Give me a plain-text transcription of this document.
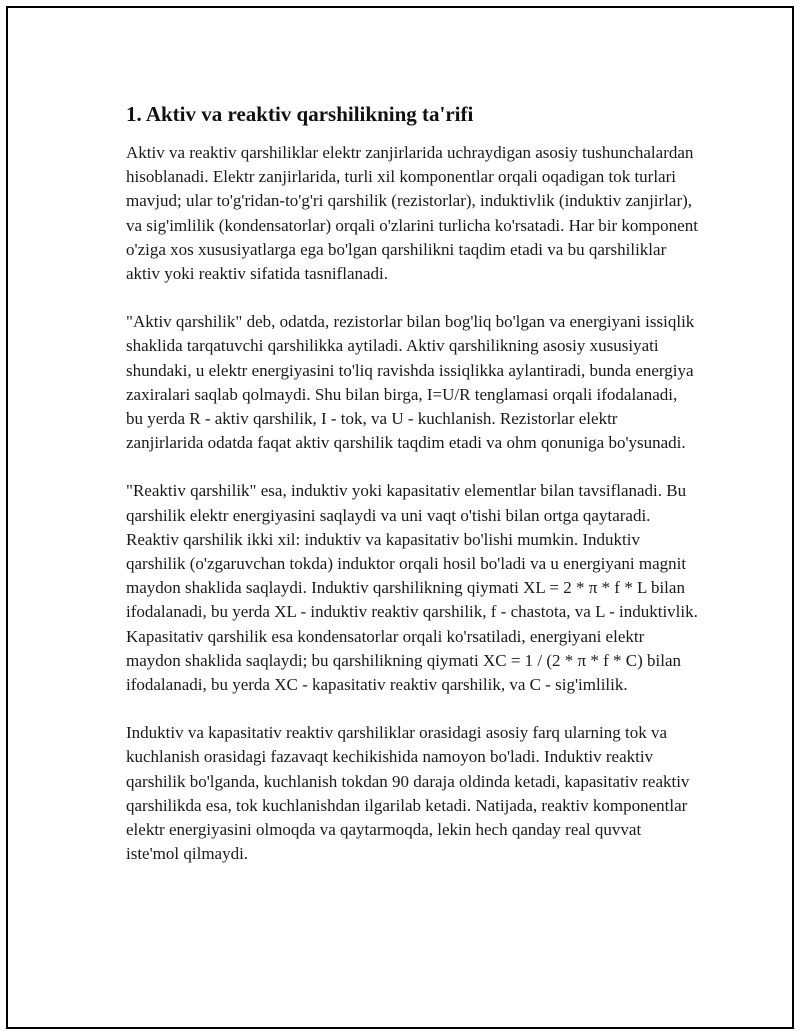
1. Aktiv va reaktiv qarshilikning ta'rifi

Aktiv va reaktiv qarshiliklar elektr zanjirlarida uchraydigan asosiy tushunchalardan hisoblanadi. Elektr zanjirlarida, turli xil komponentlar orqali oqadigan tok turlari mavjud; ular to'g'ridan-to'g'ri qarshilik (rezistorlar), induktivlik (induktiv zanjirlar), va sig'imlilik (kondensatorlar) orqali o'zlarini turlicha ko'rsatadi. Har bir komponent o'ziga xos xususiyatlarga ega bo'lgan qarshilikni taqdim etadi va bu qarshiliklar aktiv yoki reaktiv sifatida tasniflanadi.

"Aktiv qarshilik" deb, odatda, rezistorlar bilan bog'liq bo'lgan va energiyani issiqlik shaklida tarqatuvchi qarshilikka aytiladi. Aktiv qarshilikning asosiy xususiyati shundaki, u elektr energiyasini to'liq ravishda issiqlikka aylantiradi, bunda energiya zaxiralari saqlab qolmaydi. Shu bilan birga, I=U/R tenglamasi orqali ifodalanadi, bu yerda R - aktiv qarshilik, I - tok, va U - kuchlanish. Rezistorlar elektr zanjirlarida odatda faqat aktiv qarshilik taqdim etadi va ohm qonuniga bo'ysunadi.

"Reaktiv qarshilik" esa, induktiv yoki kapasitativ elementlar bilan tavsiflanadi. Bu qarshilik elektr energiyasini saqlaydi va uni vaqt o'tishi bilan ortga qaytaradi. Reaktiv qarshilik ikki xil: induktiv va kapasitativ bo'lishi mumkin. Induktiv qarshilik (o'zgaruvchan tokda) induktor orqali hosil bo'ladi va u energiyani magnit maydon shaklida saqlaydi. Induktiv qarshilikning qiymati XL = 2 * π * f * L bilan ifodalanadi, bu yerda XL - induktiv reaktiv qarshilik, f - chastota, va L - induktivlik. Kapasitativ qarshilik esa kondensatorlar orqali ko'rsatiladi, energiyani elektr maydon shaklida saqlaydi; bu qarshilikning qiymati XC = 1 / (2 * π * f * C) bilan ifodalanadi, bu yerda XC - kapasitativ reaktiv qarshilik, va C - sig'imlilik.

Induktiv va kapasitativ reaktiv qarshiliklar orasidagi asosiy farq ularning tok va kuchlanish orasidagi fazavaqt kechikishida namoyon bo'ladi. Induktiv reaktiv qarshilik bo'lganda, kuchlanish tokdan 90 daraja oldinda ketadi, kapasitativ reaktiv qarshilikda esa, tok kuchlanishdan ilgarilab ketadi. Natijada, reaktiv komponentlar elektr energiyasini olmoqda va qaytarmoqda, lekin hech qanday real quvvat iste'mol qilmaydi.
